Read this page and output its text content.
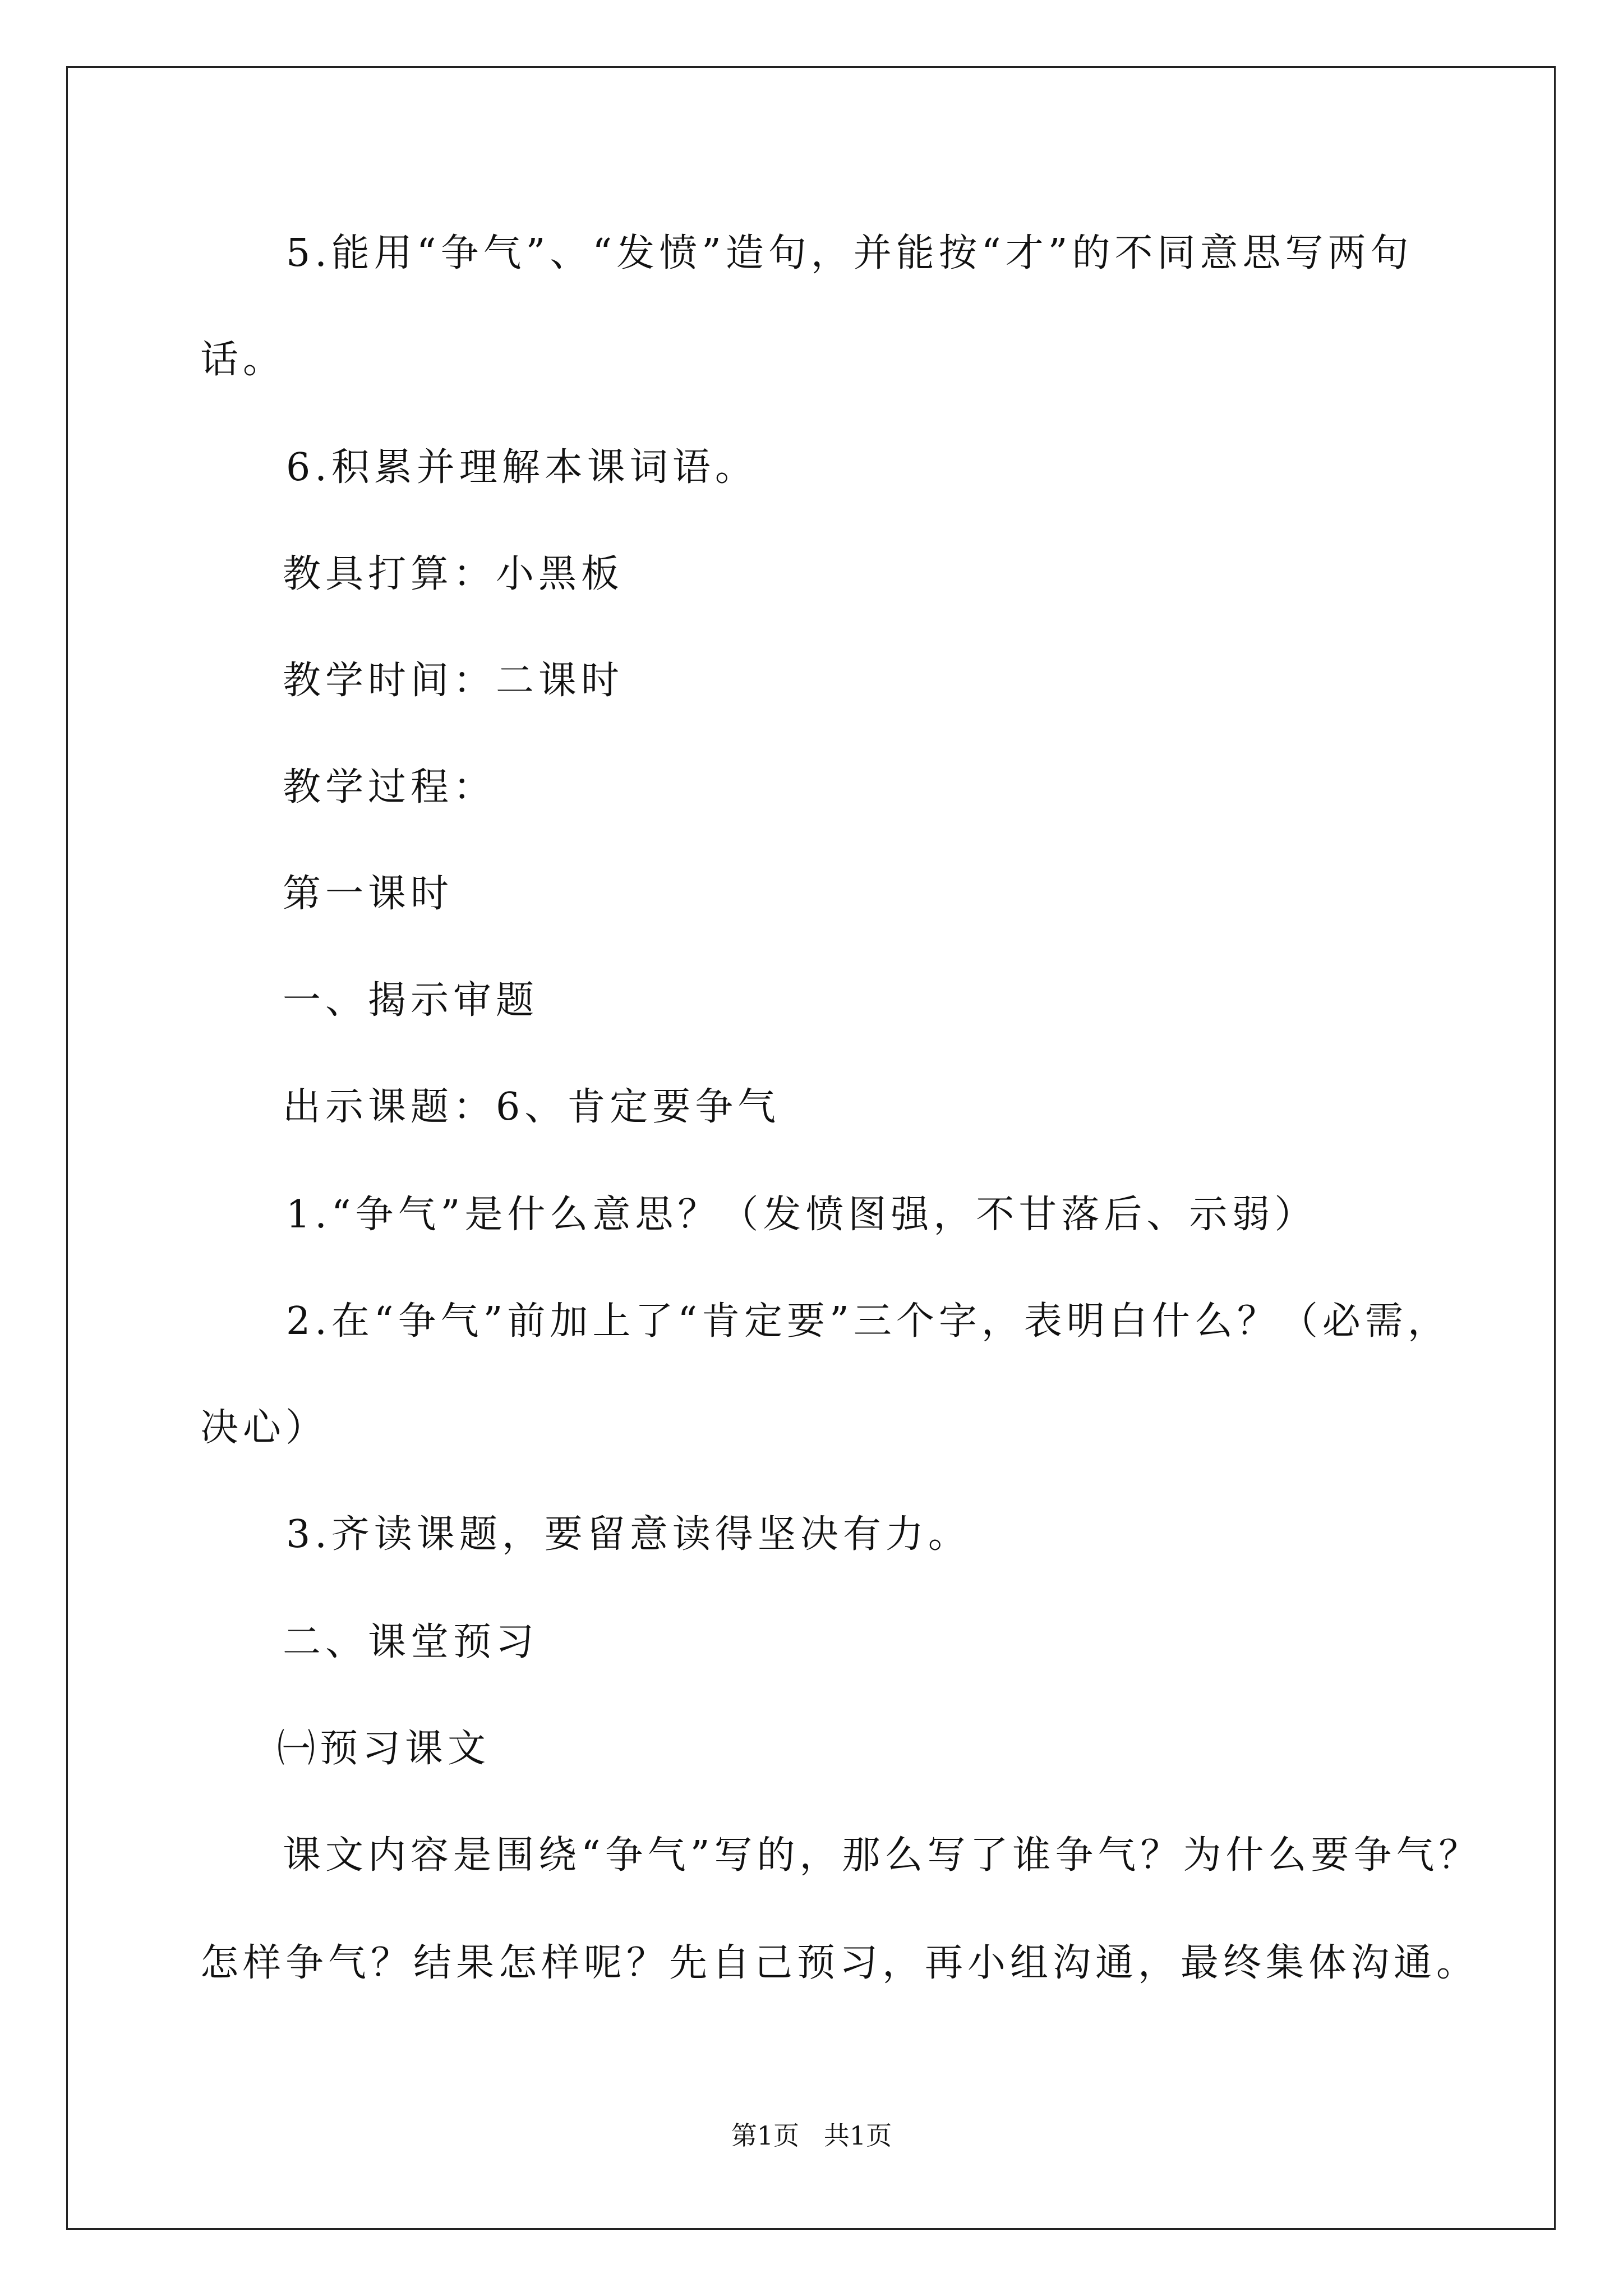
5.能用“争气”、“发愤”造句，并能按“才”的不同意思写两句
话。
6.积累并理解本课词语。
教具打算：小黑板
教学时间：二课时
教学过程：
第一课时
一、揭示审题
出示课题：6、肯定要争气
1.“争气”是什么意思？（发愤图强，不甘落后、示弱）
2.在“争气”前加上了“肯定要”三个字，表明白什么？（必需，
决心）
3.齐读课题，要留意读得坚决有力。
二、课堂预习
㈠预习课文
课文内容是围绕“争气”写的，那么写了谁争气？为什么要争气？
怎样争气？结果怎样呢？先自己预习，再小组沟通，最终集体沟通。
第1页   共1页
